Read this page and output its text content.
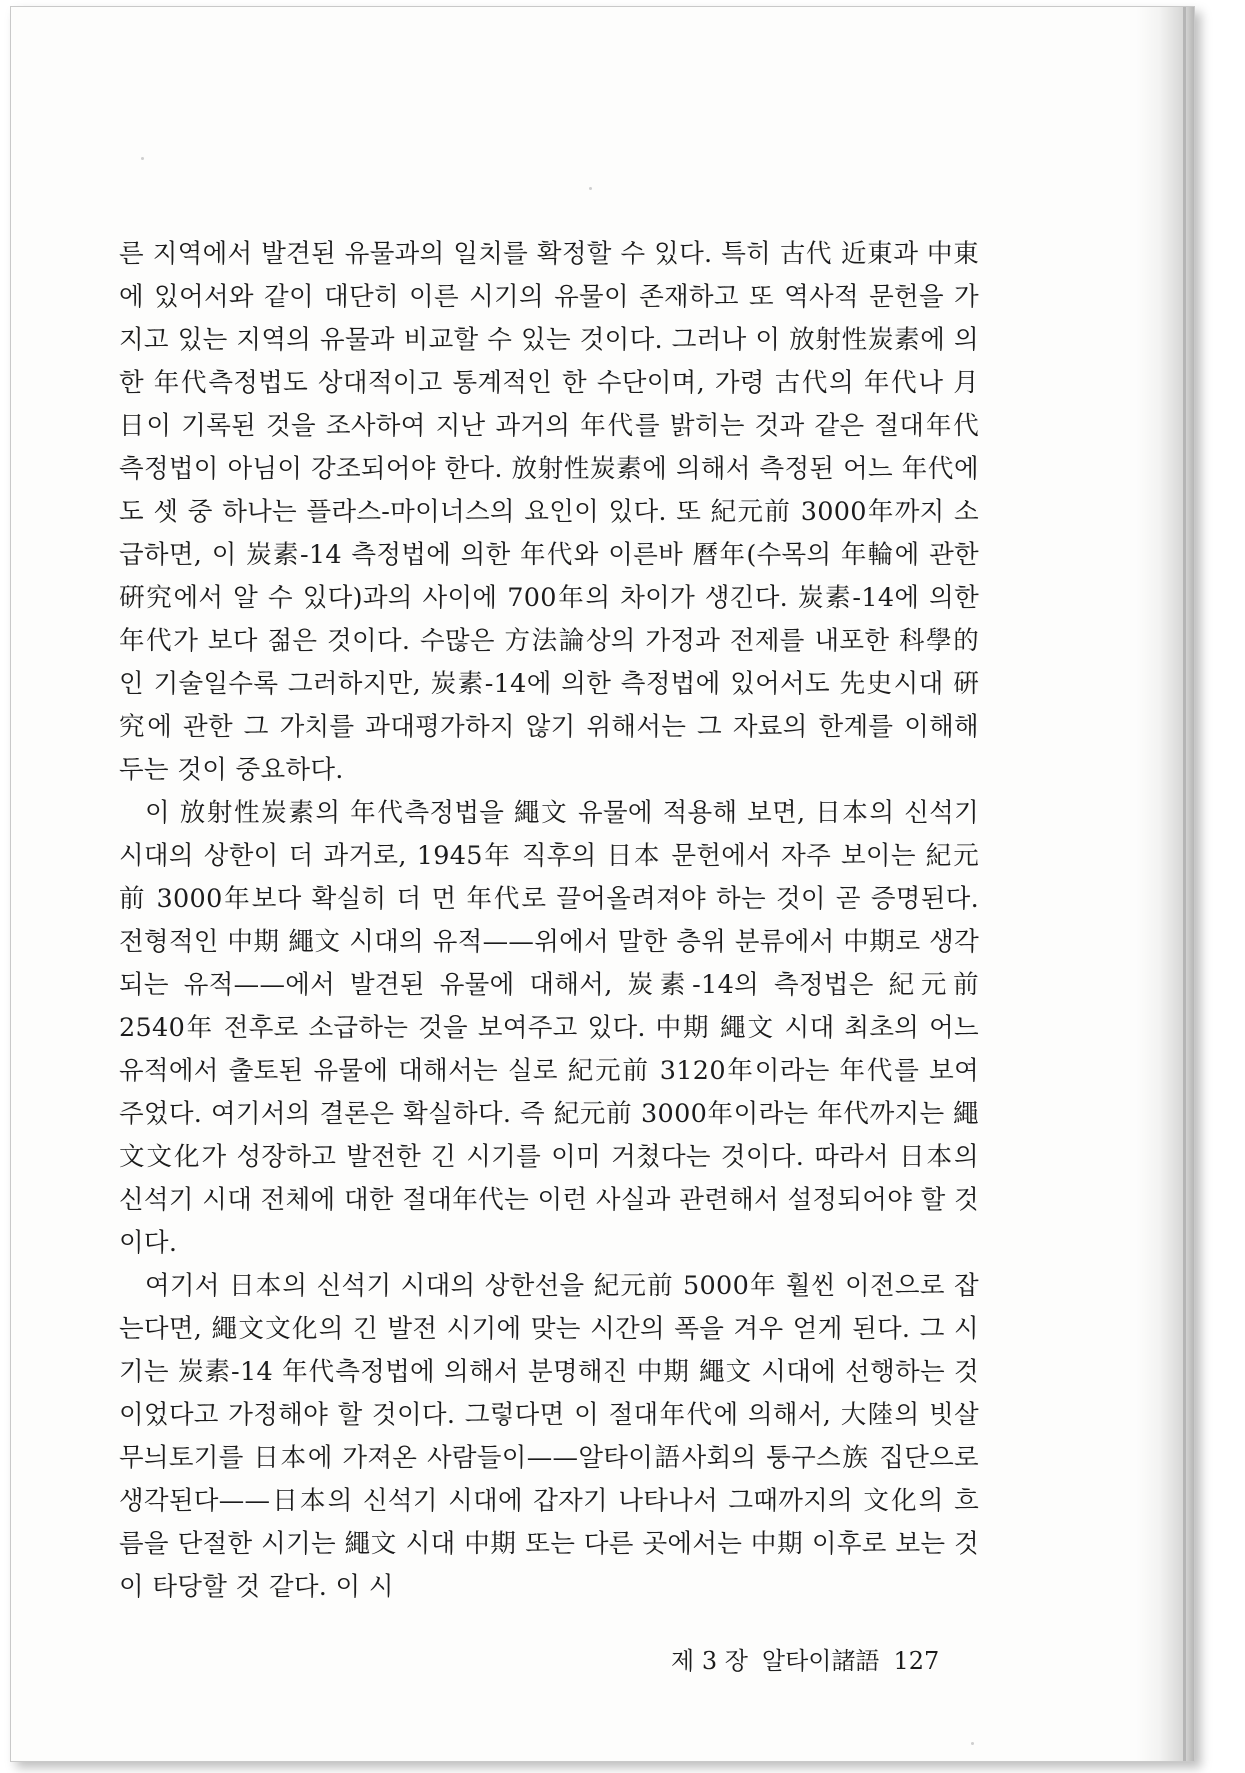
른 지역에서 발견된 유물과의 일치를 확정할 수 있다. 특히 古代 近東과 中東에 있어서와 같이 대단히 이른 시기의 유물이 존재하고 또 역사적 문헌을 가지고 있는 지역의 유물과 비교할 수 있는 것이다. 그러나 이 放射性炭素에 의한 年代측정법도 상대적이고 통계적인 한 수단이며, 가령 古代의 年代나 月日이 기록된 것을 조사하여 지난 과거의 年代를 밝히는 것과 같은 절대年代 측정법이 아님이 강조되어야 한다. 放射性炭素에 의해서 측정된 어느 年代에도 셋 중 하나는 플라스-마이너스의 요인이 있다. 또 紀元前 3000年까지 소급하면, 이 炭素-14 측정법에 의한 年代와 이른바 曆年(수목의 年輪에 관한 硏究에서 알 수 있다)과의 사이에 700年의 차이가 생긴다. 炭素-14에 의한 年代가 보다 젊은 것이다. 수많은 方法論상의 가정과 전제를 내포한 科學的인 기술일수록 그러하지만, 炭素-14에 의한 측정법에 있어서도 先史시대 硏究에 관한 그 가치를 과대평가하지 않기 위해서는 그 자료의 한계를 이해해 두는 것이 중요하다.

이 放射性炭素의 年代측정법을 繩文 유물에 적용해 보면, 日本의 신석기 시대의 상한이 더 과거로, 1945年 직후의 日本 문헌에서 자주 보이는 紀元前 3000年보다 확실히 더 먼 年代로 끌어올려져야 하는 것이 곧 증명된다. 전형적인 中期 繩文 시대의 유적——위에서 말한 층위 분류에서 中期로 생각되는 유적——에서 발견된 유물에 대해서, 炭素-14의 측정법은 紀元前 2540年 전후로 소급하는 것을 보여주고 있다. 中期 繩文 시대 최초의 어느 유적에서 출토된 유물에 대해서는 실로 紀元前 3120年이라는 年代를 보여주었다. 여기서의 결론은 확실하다. 즉 紀元前 3000年이라는 年代까지는 繩文文化가 성장하고 발전한 긴 시기를 이미 거쳤다는 것이다. 따라서 日本의 신석기 시대 전체에 대한 절대年代는 이런 사실과 관련해서 설정되어야 할 것이다.

여기서 日本의 신석기 시대의 상한선을 紀元前 5000年 훨씬 이전으로 잡는다면, 繩文文化의 긴 발전 시기에 맞는 시간의 폭을 겨우 얻게 된다. 그 시기는 炭素-14 年代측정법에 의해서 분명해진 中期 繩文 시대에 선행하는 것이었다고 가정해야 할 것이다. 그렇다면 이 절대年代에 의해서, 大陸의 빗살무늬토기를 日本에 가져온 사람들이——알타이語사회의 퉁구스族 집단으로 생각된다——日本의 신석기 시대에 갑자기 나타나서 그때까지의 文化의 흐름을 단절한 시기는 繩文 시대 中期 또는 다른 곳에서는 中期 이후로 보는 것이 타당할 것 같다. 이 시

제 3 장 알타이諸語 127
